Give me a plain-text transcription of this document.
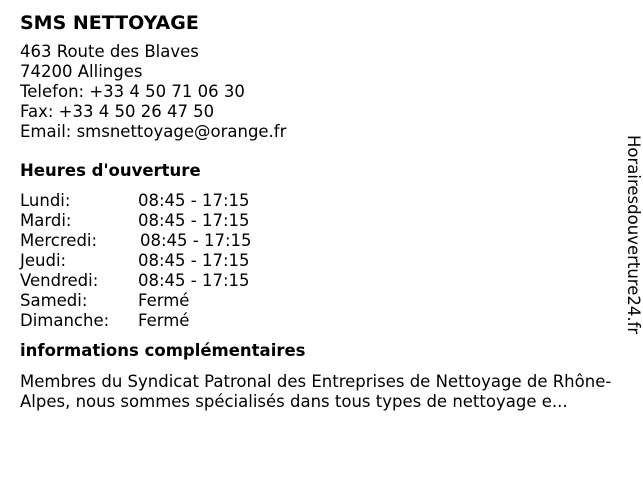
SMS NETTOYAGE
463 Route des Blaves
74200 Allinges
Telefon: +33 4 50 71 06 30
Fax: +33 4 50 26 47 50
Email: smsnettoyage@orange.fr
Heures d'ouverture
Lundi:	08:45 - 17:15
Mardi:	08:45 - 17:15
Mercredi:	08:45 - 17:15
Jeudi:	08:45 - 17:15
Vendredi:	08:45 - 17:15
Samedi:	Fermé
Dimanche:	Fermé
informations complémentaires
Membres du Syndicat Patronal des Entreprises de Nettoyage de Rhône-Alpes, nous sommes spécialisés dans tous types de nettoyage e...
Horairesdouverture24.fr
